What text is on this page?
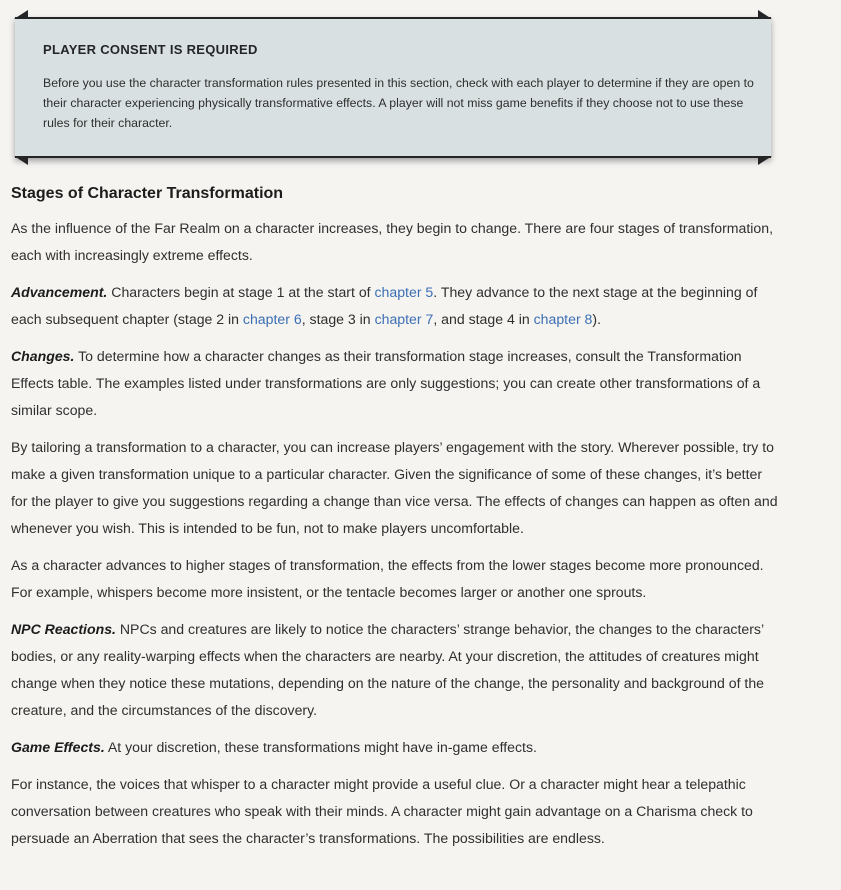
PLAYER CONSENT IS REQUIRED
Before you use the character transformation rules presented in this section, check with each player to determine if they are open to their character experiencing physically transformative effects. A player will not miss game benefits if they choose not to use these rules for their character.
Stages of Character Transformation

As the influence of the Far Realm on a character increases, they begin to change. There are four stages of transformation, each with increasingly extreme effects.

Advancement. Characters begin at stage 1 at the start of chapter 5. They advance to the next stage at the beginning of each subsequent chapter (stage 2 in chapter 6, stage 3 in chapter 7, and stage 4 in chapter 8).

Changes. To determine how a character changes as their transformation stage increases, consult the Transformation Effects table. The examples listed under transformations are only suggestions; you can create other transformations of a similar scope.

By tailoring a transformation to a character, you can increase players’ engagement with the story. Wherever possible, try to make a given transformation unique to a particular character. Given the significance of some of these changes, it’s better for the player to give you suggestions regarding a change than vice versa. The effects of changes can happen as often and whenever you wish. This is intended to be fun, not to make players uncomfortable.

As a character advances to higher stages of transformation, the effects from the lower stages become more pronounced. For example, whispers become more insistent, or the tentacle becomes larger or another one sprouts.

NPC Reactions. NPCs and creatures are likely to notice the characters’ strange behavior, the changes to the characters’ bodies, or any reality-warping effects when the characters are nearby. At your discretion, the attitudes of creatures might change when they notice these mutations, depending on the nature of the change, the personality and background of the creature, and the circumstances of the discovery.

Game Effects. At your discretion, these transformations might have in-game effects.

For instance, the voices that whisper to a character might provide a useful clue. Or a character might hear a telepathic conversation between creatures who speak with their minds. A character might gain advantage on a Charisma check to persuade an Aberration that sees the character’s transformations. The possibilities are endless.
